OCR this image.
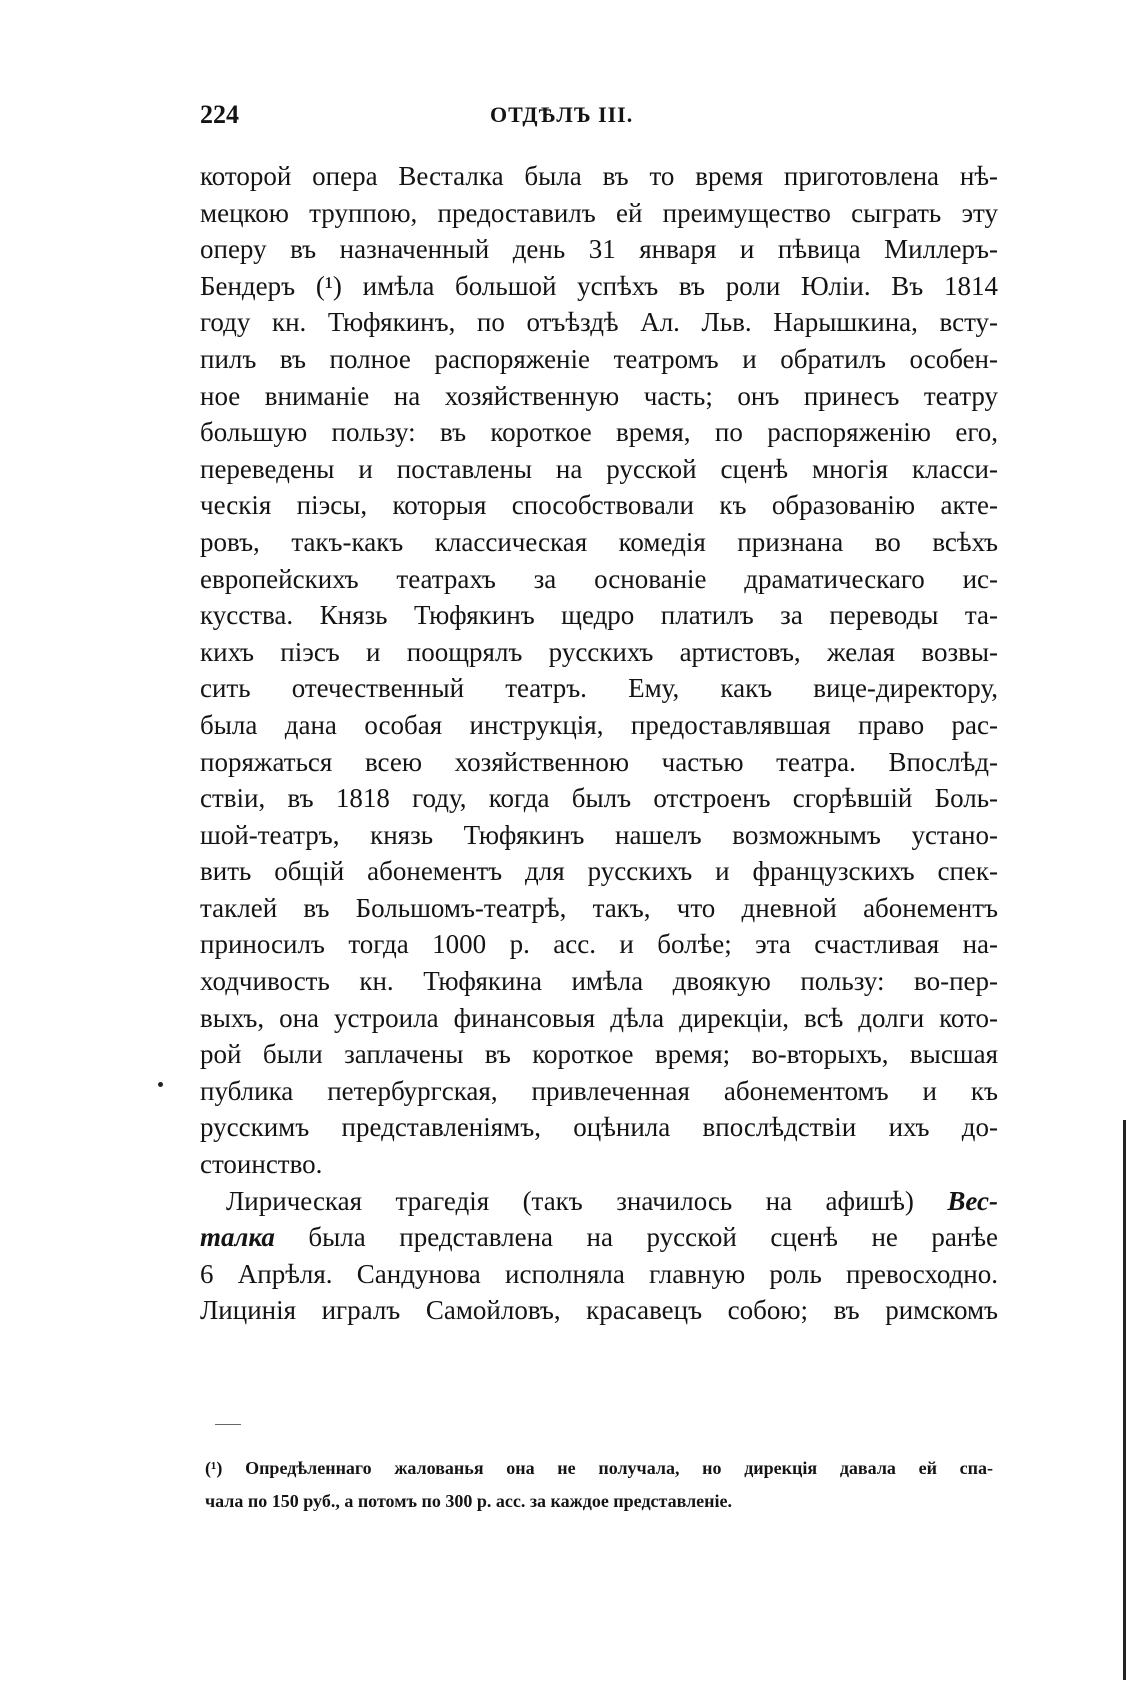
224	ОТДѢЛЪ III.
которой опера Весталка была въ то время приготовлена нѣ-
мецкою труппою, предоставилъ ей преимущество сыграть эту
оперу въ назначенный день 31 января и пѣвица Миллеръ-
Бендеръ (¹) имѣла большой успѣхъ въ роли Юліи. Въ 1814
году кн. Тюфякинъ, по отъѣздѣ Ал. Льв. Нарышкина, всту-
пилъ въ полное распоряженіе театромъ и обратилъ особен-
ное вниманіе на хозяйственную часть; онъ принесъ театру
большую пользу: въ короткое время, по распоряженію его,
переведены и поставлены на русской сценѣ многія класси-
ческія піэсы, которыя способствовали къ образованію акте-
ровъ, такъ-какъ классическая комедія признана во всѣхъ
европейскихъ театрахъ за основаніе драматическаго ис-
кусства. Князь Тюфякинъ щедро платилъ за переводы та-
кихъ піэсъ и поощрялъ русскихъ артистовъ, желая возвы-
сить отечественный театръ. Ему, какъ вице-директору,
была дана особая инструкція, предоставлявшая право рас-
поряжаться всею хозяйственною частью театра. Впослѣд-
ствіи, въ 1818 году, когда былъ отстроенъ сгорѣвшій Боль-
шой-театръ, князь Тюфякинъ нашелъ возможнымъ устано-
вить общій абонементъ для русскихъ и французскихъ спек-
таклей въ Большомъ-театрѣ, такъ, что дневной абонементъ
приносилъ тогда 1000 р. асс. и болѣе; эта счастливая на-
ходчивость кн. Тюфякина имѣла двоякую пользу: во-пер-
выхъ, она устроила финансовыя дѣла дирекціи, всѣ долги кото-
рой были заплачены въ короткое время; во-вторыхъ, высшая
публика петербургская, привлеченная абонементомъ и къ
русскимъ представленіямъ, оцѣнила впослѣдствіи ихъ до-
стоинство.
Лирическая трагедія (такъ значилось на афишѣ) Вес-
талка была представлена на русской сценѣ не ранѣе
6 Апрѣля. Сандунова исполняла главную роль превосходно.
Лицинія игралъ Самойловъ, красавецъ собою; въ римскомъ
(¹) Опредѣленнаго жалованья она не получала, но дирекція давала ей спа-
чала по 150 руб., а потомъ по 300 р. асс. за каждое представленіе.
